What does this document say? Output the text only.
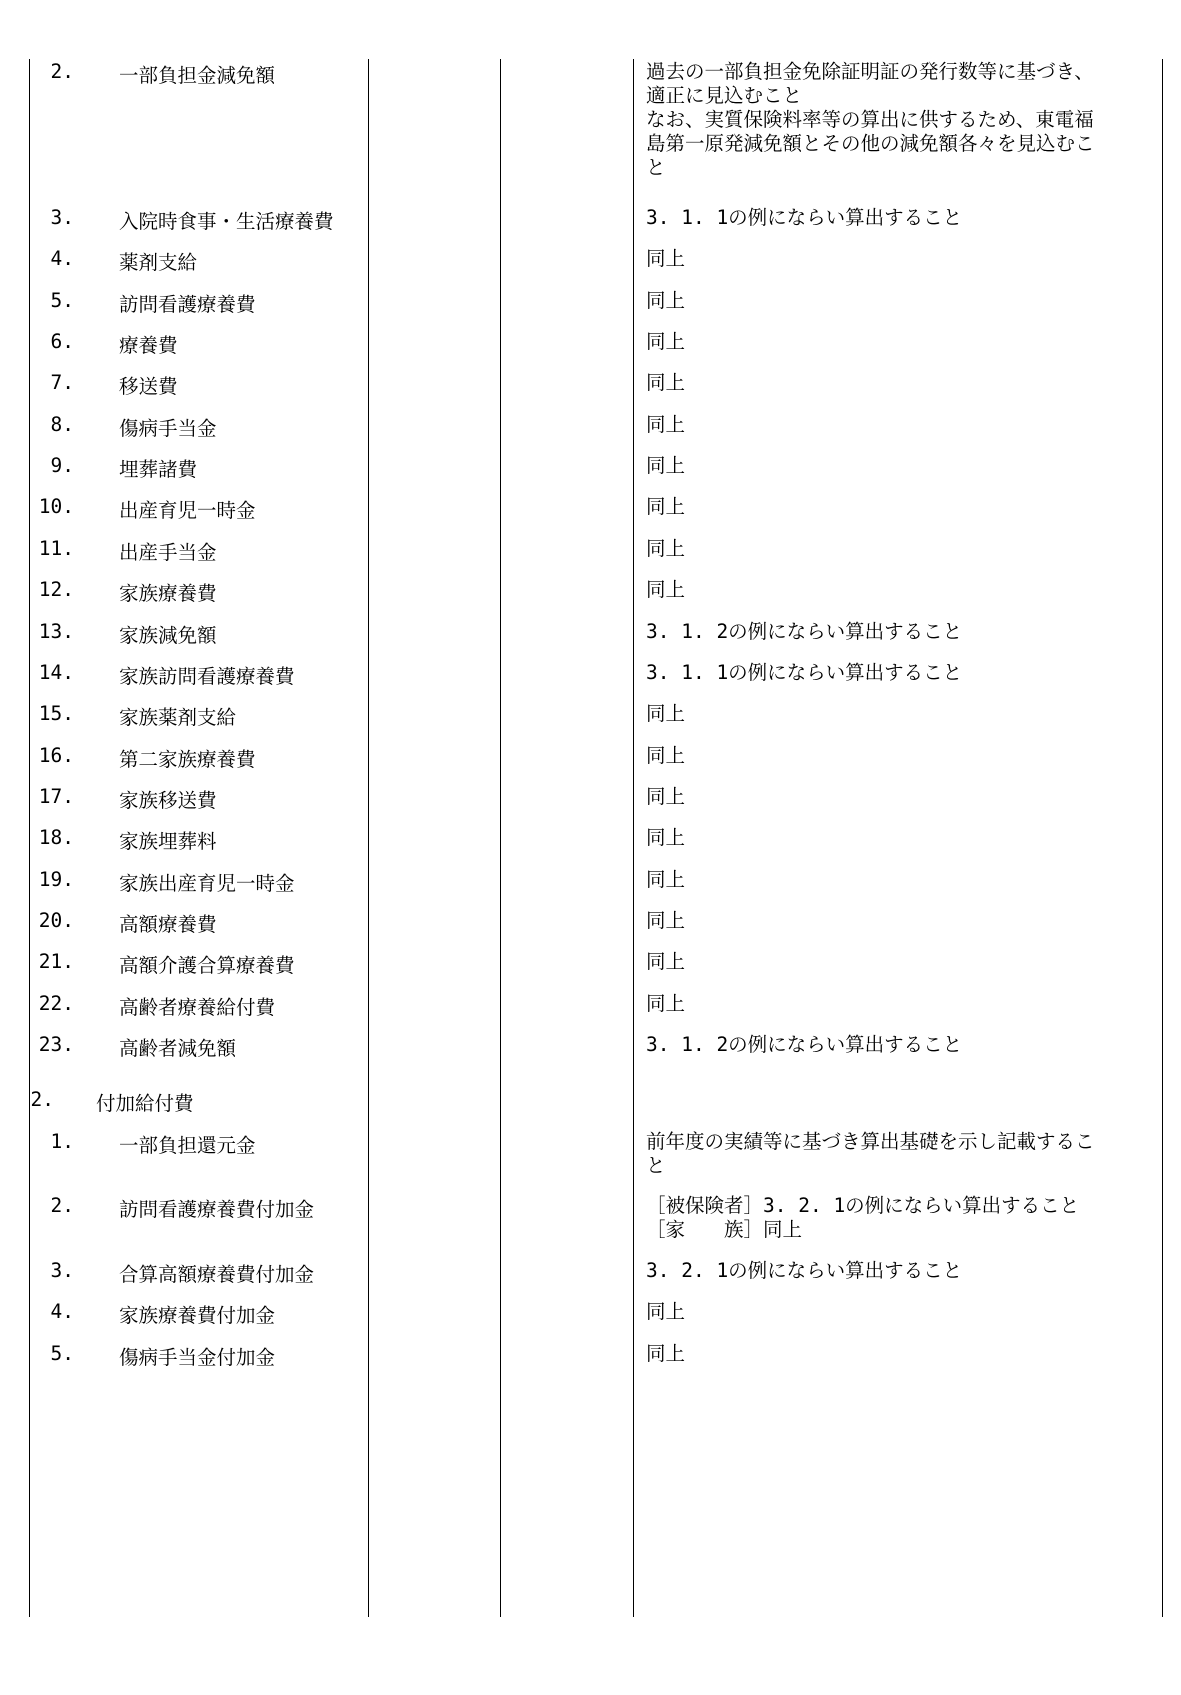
2. 一部負担金減免額	過去の一部負担金免除証明証の発行数等に基づき、
適正に見込むこと
なお、実質保険料率等の算出に供するため、東電福
島第一原発減免額とその他の減免額各々を見込むこ
と
3. 入院時食事・生活療養費	3. 1. 1の例にならい算出すること
4. 薬剤支給	同上
5. 訪問看護療養費	同上
6. 療養費	同上
7. 移送費	同上
8. 傷病手当金	同上
9. 埋葬諸費	同上
10. 出産育児一時金	同上
11. 出産手当金	同上
12. 家族療養費	同上
13. 家族減免額	3. 1. 2の例にならい算出すること
14. 家族訪問看護療養費	3. 1. 1の例にならい算出すること
15. 家族薬剤支給	同上
16. 第二家族療養費	同上
17. 家族移送費	同上
18. 家族埋葬料	同上
19. 家族出産育児一時金	同上
20. 高額療養費	同上
21. 高額介護合算療養費	同上
22. 高齢者療養給付費	同上
23. 高齢者減免額	3. 1. 2の例にならい算出すること
2. 付加給付費
1. 一部負担還元金	前年度の実績等に基づき算出基礎を示し記載するこ
と
2. 訪問看護療養費付加金	［被保険者］3. 2. 1の例にならい算出すること
［家　　族］同上
3. 合算高額療養費付加金	3. 2. 1の例にならい算出すること
4. 家族療養費付加金	同上
5. 傷病手当金付加金	同上
